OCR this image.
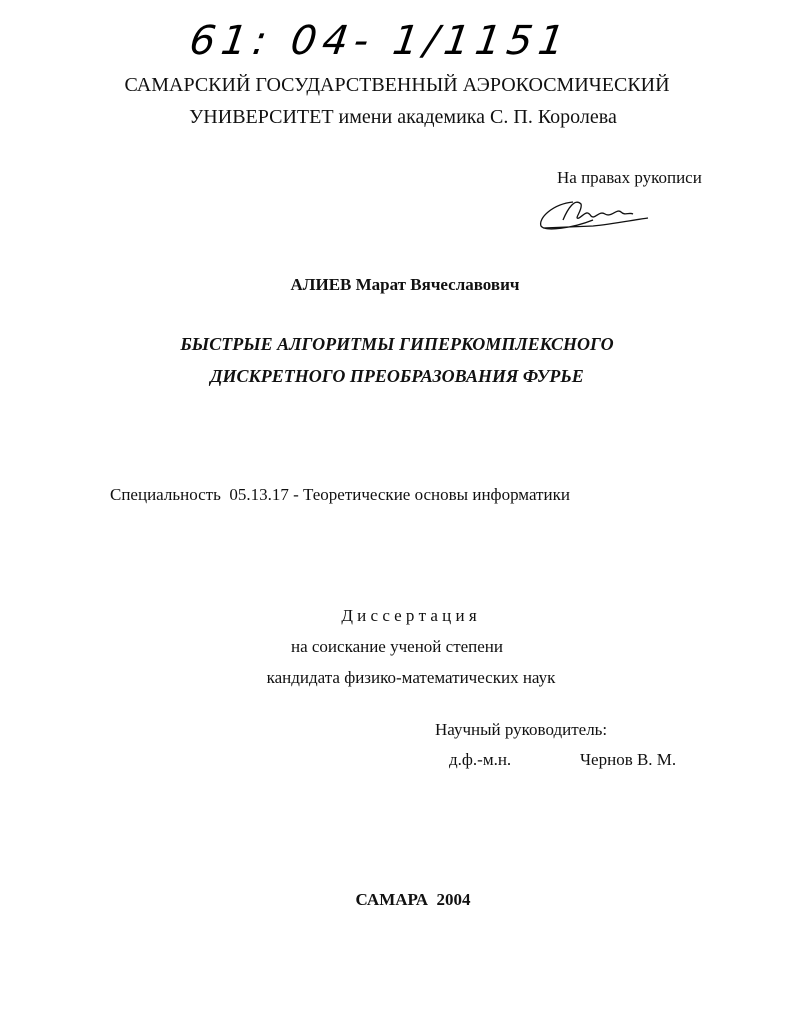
61: 04- 1/1151
САМАРСКИЙ ГОСУДАРСТВЕННЫЙ АЭРОКОСМИЧЕСКИЙ
УНИВЕРСИТЕТ имени академика С. П. Королева
На правах рукописи
АЛИЕВ Марат Вячеславович
БЫСТРЫЕ АЛГОРИТМЫ ГИПЕРКОМПЛЕКСНОГО
ДИСКРЕТНОГО ПРЕОБРАЗОВАНИЯ ФУРЬЕ
Специальность  05.13.17 - Теоретические основы информатики
Д и с с е р т а ц и я
на соискание ученой степени
кандидата физико-математических наук
Научный руководитель:
д.ф.-м.н.	Чернов В. М.
САМАРА  2004
